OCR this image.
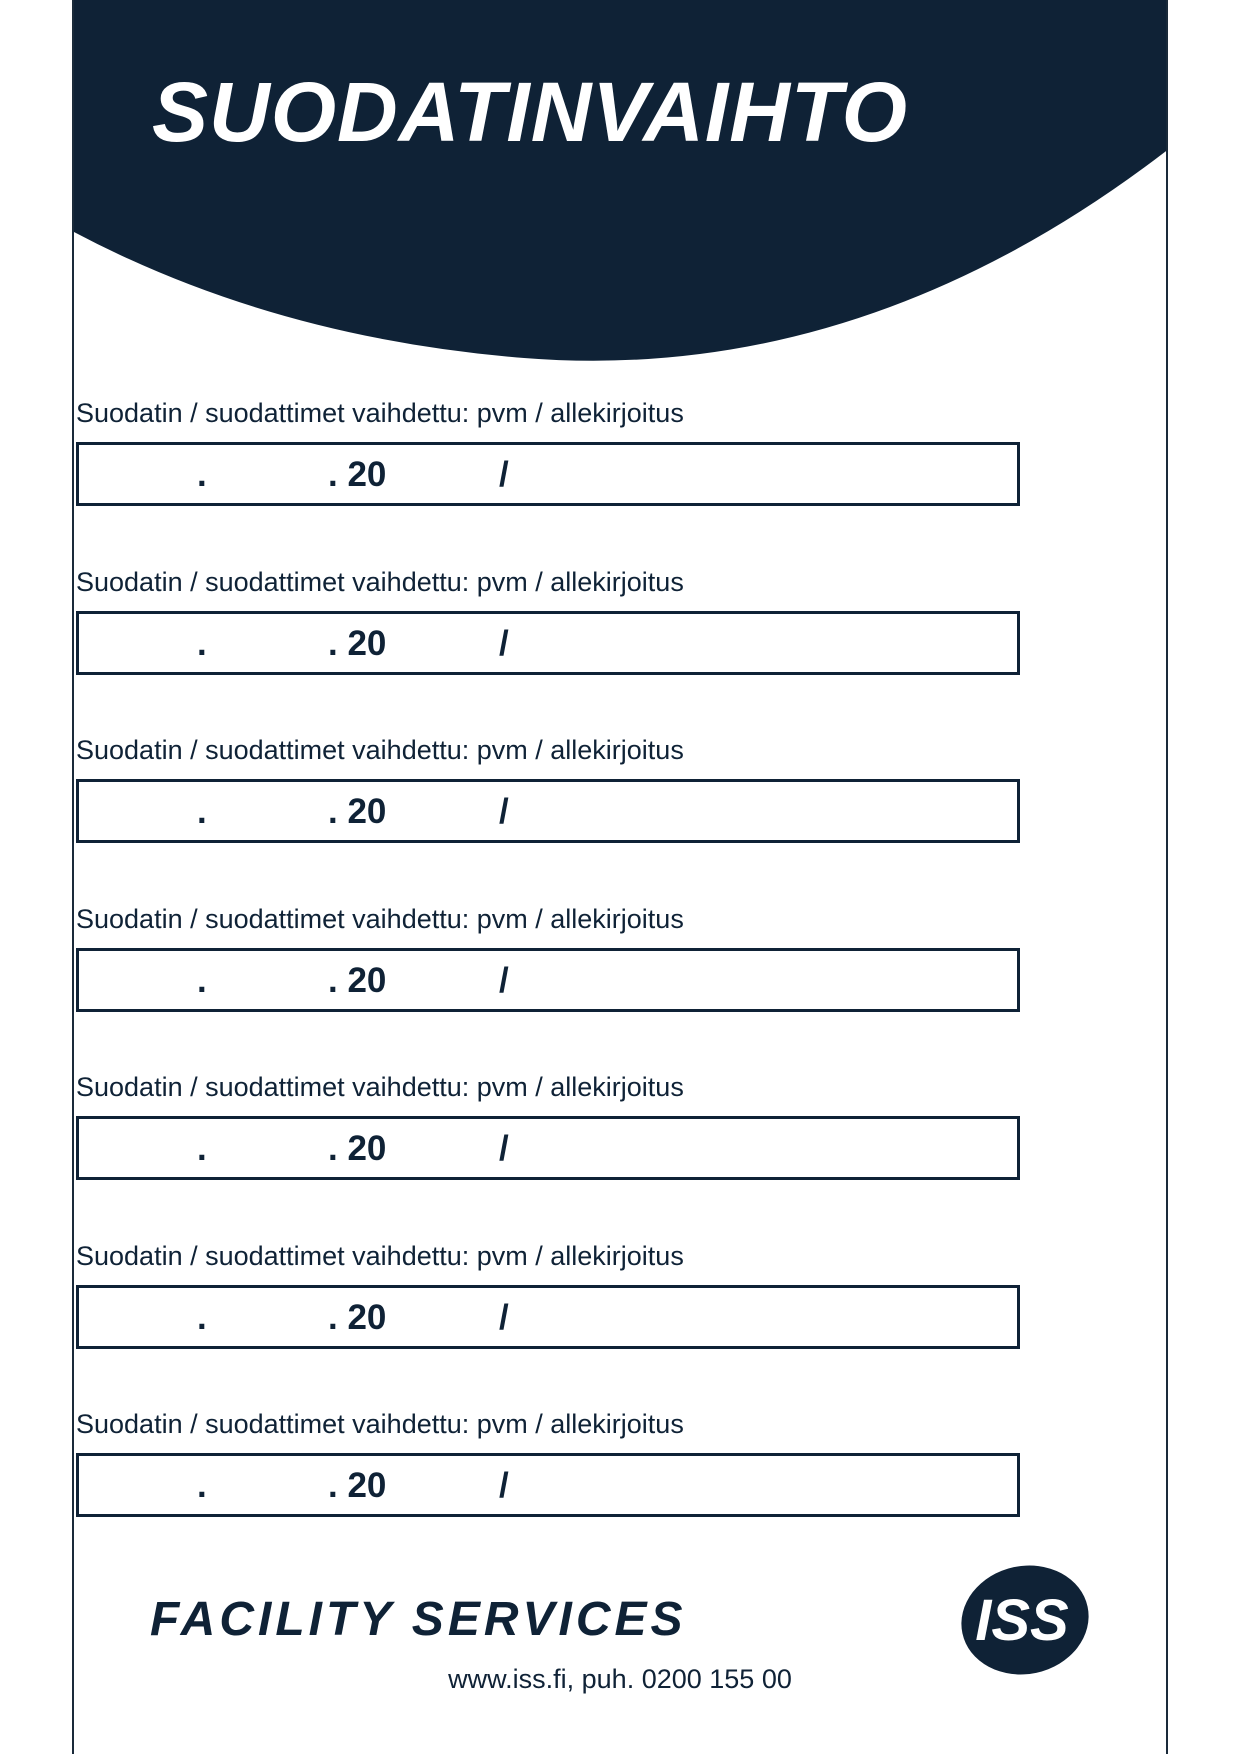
SUODATINVAIHTO
Suodatin / suodattimet vaihdettu: pvm / allekirjoitus
.	. 20	/
Suodatin / suodattimet vaihdettu: pvm / allekirjoitus
.	. 20	/
Suodatin / suodattimet vaihdettu: pvm / allekirjoitus
.	. 20	/
Suodatin / suodattimet vaihdettu: pvm / allekirjoitus
.	. 20	/
Suodatin / suodattimet vaihdettu: pvm / allekirjoitus
.	. 20	/
Suodatin / suodattimet vaihdettu: pvm / allekirjoitus
.	. 20	/
Suodatin / suodattimet vaihdettu: pvm / allekirjoitus
.	. 20	/
FACILITY SERVICES	ISS
www.iss.fi, puh. 0200 155 00
